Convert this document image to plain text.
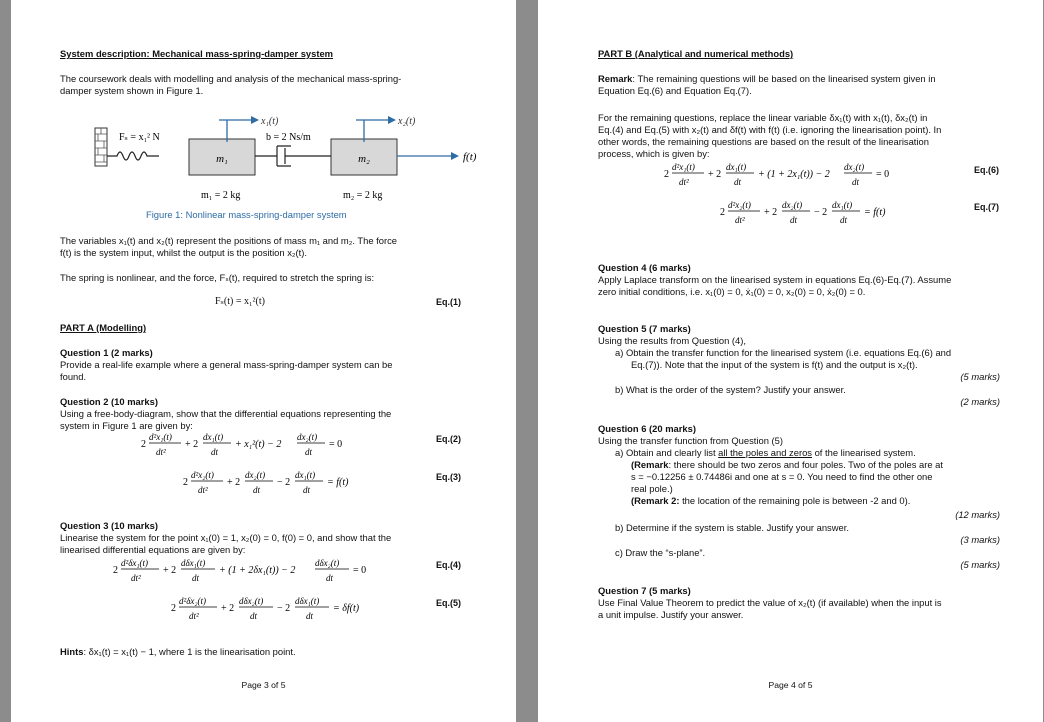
System description: Mechanical mass-spring-damper system
The coursework deals with modelling and analysis of the mechanical mass-spring-
damper system shown in Figure 1.
m₁	m₂	f(t)
x₁(t)	x₂(t)
Fₛ = x₁² N	b = 2 Ns/m
m₁ = 2 kg	m₂ = 2 kg
Figure 1: Nonlinear mass-spring-damper system
The variables x₁(t) and x₂(t) represent the positions of mass m₁ and m₂. The force
f(t) is the system input, whilst the output is the position x₂(t).
The spring is nonlinear, and the force, Fₛ(t), required to stretch the spring is:
Fₛ(t) = x₁²(t)	Eq.(1)
PART A (Modelling)
Question 1 (2 marks)
Provide a real-life example where a general mass-spring-damper system can be
found.
Question 2 (10 marks)
Using a free-body-diagram, show that the differential equations representing the
system in Figure 1 are given by:
2
d²x₁(t)
dt²
+ 2
dx₁(t)
dt
+ x₁²(t) − 2
dx₂(t)
dt
= 0	Eq.(2)
2
d²x₂(t)
dt²
+ 2
dx₂(t)
dt
− 2
dx₁(t)
dt
= f(t)	Eq.(3)
Question 3 (10 marks)
Linearise the system for the point x₁(0) = 1, x₂(0) = 0, f(0) = 0, and show that the
linearised differential equations are given by:
2
d²δx₁(t)
dt²
+ 2
dδx₁(t)
dt
+ (1 + 2δx₁(t)) − 2
dδx₂(t)
dt
= 0	Eq.(4)
2
d²δx₂(t)
dt²
+ 2
dδx₂(t)
dt
− 2
dδx₁(t)
dt
= δf(t)	Eq.(5)
Hints: δx₁(t) = x₁(t) − 1, where 1 is the linearisation point.
Page 3 of 5
PART B (Analytical and numerical methods)
Remark: The remaining questions will be based on the linearised system given in
Equation Eq.(6) and Equation Eq.(7).
For the remaining questions, replace the linear variable δx₁(t) with x₁(t), δx₂(t) in
Eq.(4) and Eq.(5) with x₂(t) and δf(t) with f(t) (i.e. ignoring the linearisation point). In
other words, the remaining questions are based on the result of the linearisation
process, which is given by:
2
d²x₁(t)
dt²
+ 2
dx₁(t)
dt
+ (1 + 2x₁(t)) − 2
dx₂(t)
dt
= 0	Eq.(6)
2
d²x₂(t)
dt²
+ 2
dx₂(t)
dt
− 2
dx₁(t)
dt
= f(t)	Eq.(7)
Question 4 (6 marks)
Apply Laplace transform on the linearised system in equations Eq.(6)-Eq.(7). Assume
zero initial conditions, i.e. x₁(0) = 0, ẋ₁(0) = 0, x₂(0) = 0, ẋ₂(0) = 0.
Question 5 (7 marks)
Using the results from Question (4),
a) Obtain the transfer function for the linearised system (i.e. equations Eq.(6) and
Eq.(7)). Note that the input of the system is f(t) and the output is x₂(t).
(5 marks)
b) What is the order of the system? Justify your answer.
(2 marks)
Question 6 (20 marks)
Using the transfer function from Question (5)
a) Obtain and clearly list all the poles and zeros of the linearised system.
(Remark: there should be two zeros and four poles. Two of the poles are at
s = −0.12256 ± 0.74486i and one at s = 0. You need to find the other one
real pole.)
(Remark 2: the location of the remaining pole is between -2 and 0).
(12 marks)
b) Determine if the system is stable. Justify your answer.
(3 marks)
c) Draw the “s-plane”.
(5 marks)
Question 7 (5 marks)
Use Final Value Theorem to predict the value of x₂(t) (if available) when the input is
a unit impulse. Justify your answer.
Page 4 of 5
